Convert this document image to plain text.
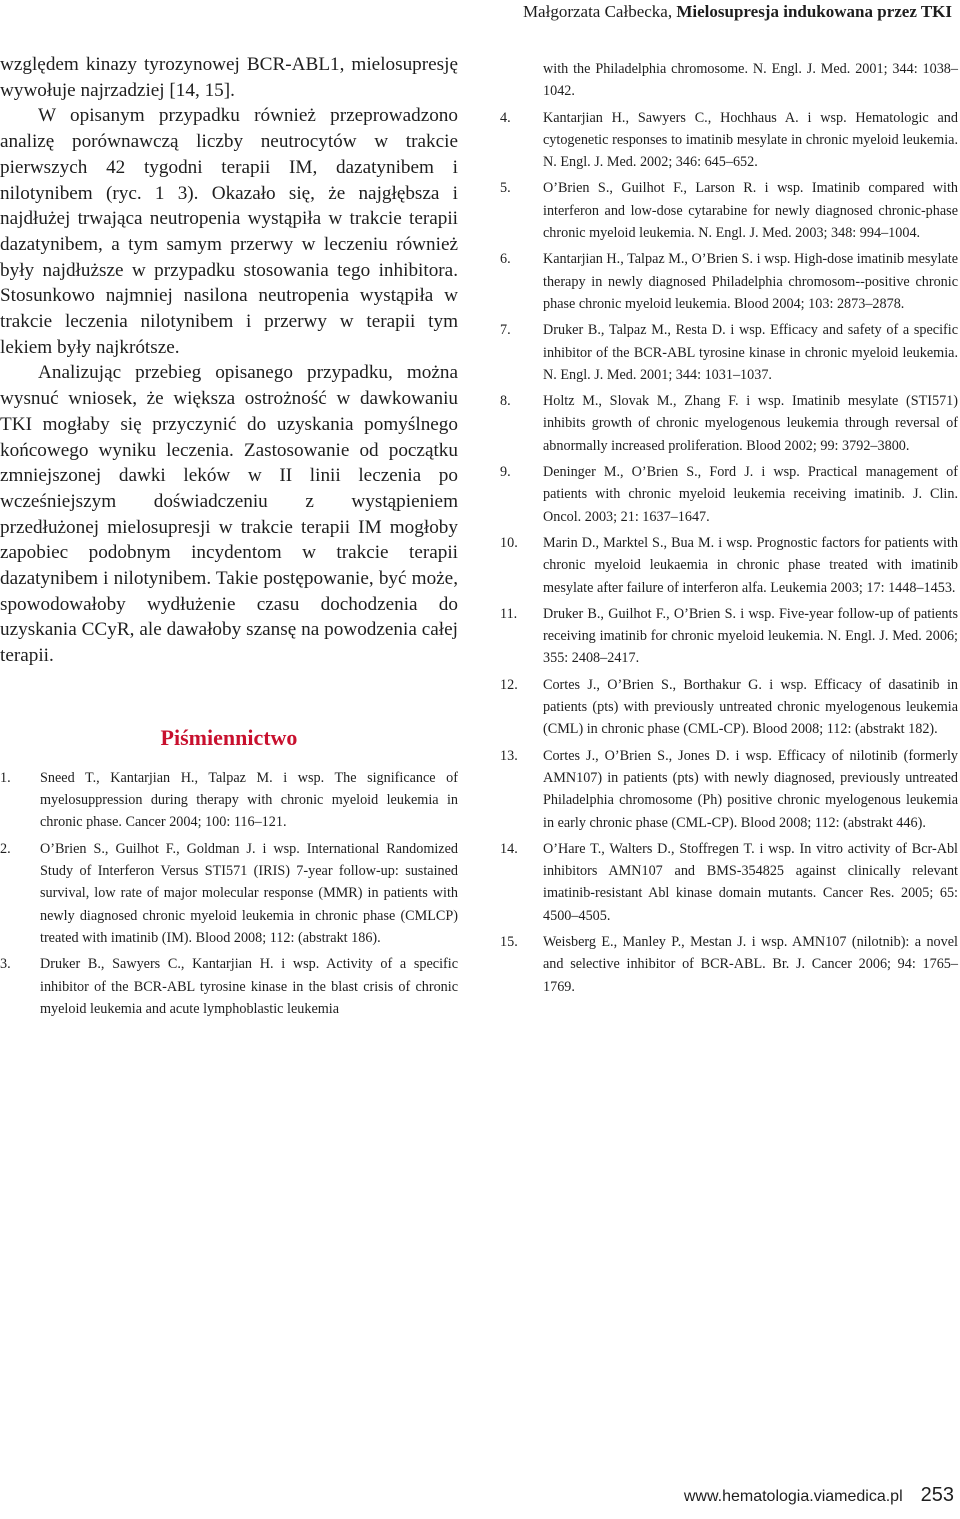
Małgorzata Całbecka, Mielosupresja indukowana przez TKI

względem kinazy tyrozynowej BCR-ABL1, mielosupresję wywołuje najrzadziej [14, 15].

W opisanym przypadku również przeprowadzono analizę porównawczą liczby neutrocytów w trakcie pierwszych 42 tygodni terapii IM, dazatynibem i nilotynibem (ryc. 1 3). Okazało się, że najgłębsza i najdłużej trwająca neutropenia wystąpiła w trakcie terapii dazatynibem, a tym samym przerwy w leczeniu również były najdłuższe w przypadku stosowania tego inhibitora. Stosunkowo najmniej nasilona neutropenia wystąpiła w trakcie leczenia nilotynibem i przerwy w terapii tym lekiem były najkrótsze.

Analizując przebieg opisanego przypadku, można wysnuć wniosek, że większa ostrożność w dawkowaniu TKI mogłaby się przyczynić do uzyskania pomyślnego końcowego wyniku leczenia. Zastosowanie od początku zmniejszonej dawki leków w II linii leczenia po wcześniejszym doświadczeniu z wystąpieniem przedłużonej mielosupresji w trakcie terapii IM mogłoby zapobiec podobnym incydentom w trakcie terapii dazatynibem i nilotynibem. Takie postępowanie, być może, spowodowałoby wydłużenie czasu dochodzenia do uzyskania CCyR, ale dawałoby szansę na powodzenia całej terapii.

Piśmiennictwo
1. Sneed T., Kantarjian H., Talpaz M. i wsp. The significance of myelosuppression during therapy with chronic myeloid leukemia in chronic phase. Cancer 2004; 100: 116–121.
2. O’Brien S., Guilhot F., Goldman J. i wsp. International Randomized Study of Interferon Versus STI571 (IRIS) 7-year follow-up: sustained survival, low rate of major molecular response (MMR) in patients with newly diagnosed chronic myeloid leukemia in chronic phase (CMLCP) treated with imatinib (IM). Blood 2008; 112: (abstrakt 186).
3. Druker B., Sawyers C., Kantarjian H. i wsp. Activity of a specific inhibitor of the BCR-ABL tyrosine kinase in the blast crisis of chronic myeloid leukemia and acute lymphoblastic leukemia
with the Philadelphia chromosome. N. Engl. J. Med. 2001; 344: 1038–1042.
4. Kantarjian H., Sawyers C., Hochhaus A. i wsp. Hematologic and cytogenetic responses to imatinib mesylate in chronic myeloid leukemia. N. Engl. J. Med. 2002; 346: 645–652.
5. O’Brien S., Guilhot F., Larson R. i wsp. Imatinib compared with interferon and low-dose cytarabine for newly diagnosed chronic-phase chronic myeloid leukemia. N. Engl. J. Med. 2003; 348: 994–1004.
6. Kantarjian H., Talpaz M., O’Brien S. i wsp. High-dose imatinib mesylate therapy in newly diagnosed Philadelphia chromosom--positive chronic phase chronic myeloid leukemia. Blood 2004; 103: 2873–2878.
7. Druker B., Talpaz M., Resta D. i wsp. Efficacy and safety of a specific inhibitor of the BCR-ABL tyrosine kinase in chronic myeloid leukemia. N. Engl. J. Med. 2001; 344: 1031–1037.
8. Holtz M., Slovak M., Zhang F. i wsp. Imatinib mesylate (STI571) inhibits growth of chronic myelogenous leukemia through reversal of abnormally increased proliferation. Blood 2002; 99: 3792–3800.
9. Deninger M., O’Brien S., Ford J. i wsp. Practical management of patients with chronic myeloid leukemia receiving imatinib. J. Clin. Oncol. 2003; 21: 1637–1647.
10. Marin D., Marktel S., Bua M. i wsp. Prognostic factors for patients with chronic myeloid leukaemia in chronic phase treated with imatinib mesylate after failure of interferon alfa. Leukemia 2003; 17: 1448–1453.
11. Druker B., Guilhot F., O’Brien S. i wsp. Five-year follow-up of patients receiving imatinib for chronic myeloid leukemia. N. Engl. J. Med. 2006; 355: 2408–2417.
12. Cortes J., O’Brien S., Borthakur G. i wsp. Efficacy of dasatinib in patients (pts) with previously untreated chronic myelogenous leukemia (CML) in chronic phase (CML-CP). Blood 2008; 112: (abstrakt 182).
13. Cortes J., O’Brien S., Jones D. i wsp. Efficacy of nilotinib (formerly AMN107) in patients (pts) with newly diagnosed, previously untreated Philadelphia chromosome (Ph) positive chronic myelogenous leukemia in early chronic phase (CML-CP). Blood 2008; 112: (abstrakt 446).
14. O’Hare T., Walters D., Stoffregen T. i wsp. In vitro activity of Bcr-Abl inhibitors AMN107 and BMS-354825 against clinically relevant imatinib-resistant Abl kinase domain mutants. Cancer Res. 2005; 65: 4500–4505.
15. Weisberg E., Manley P., Mestan J. i wsp. AMN107 (nilotnib): a novel and selective inhibitor of BCR-ABL. Br. J. Cancer 2006; 94: 1765–1769.
www.hematologia.viamedica.pl 253
